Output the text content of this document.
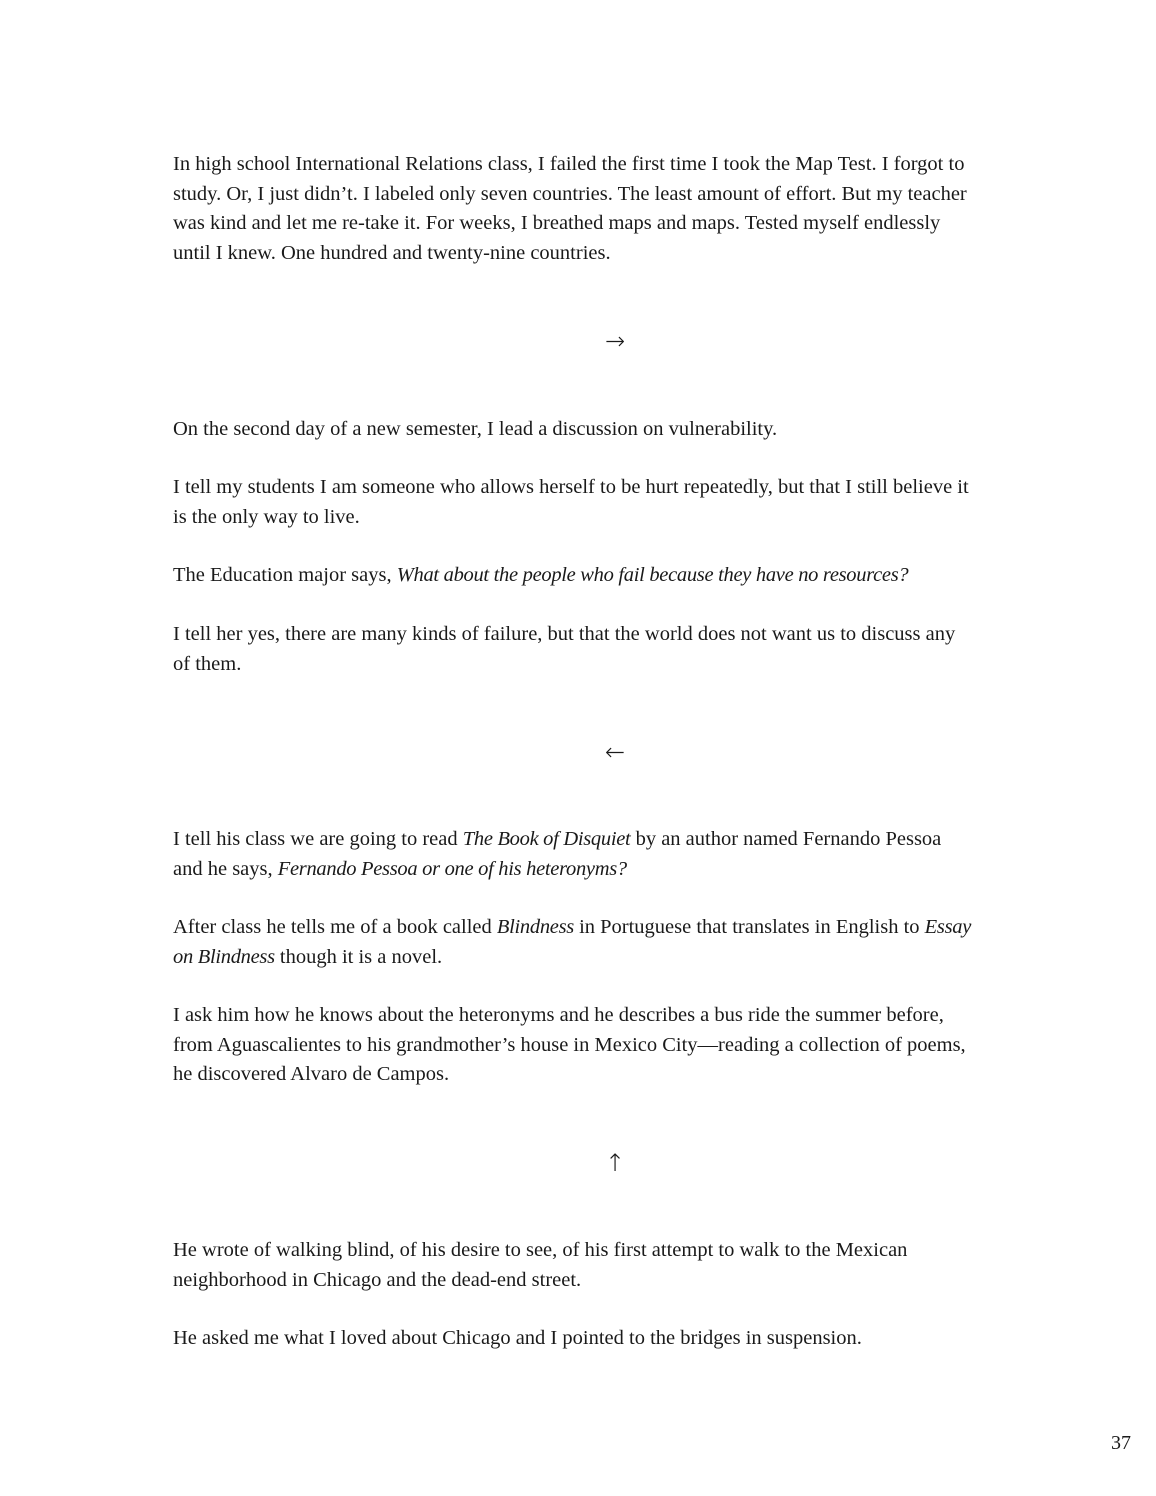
In high school International Relations class, I failed the first time I took the Map Test. I forgot to study. Or, I just didn’t. I labeled only seven countries. The least amount of effort. But my teacher was kind and let me re-take it. For weeks, I breathed maps and maps. Tested myself endlessly until I knew. One hundred and twenty-nine countries.

→

On the second day of a new semester, I lead a discussion on vulnerability.

I tell my students I am someone who allows herself to be hurt repeatedly, but that I still believe it is the only way to live.

The Education major says, What about the people who fail because they have no resources?

I tell her yes, there are many kinds of failure, but that the world does not want us to discuss any of them.

←

I tell his class we are going to read The Book of Disquiet by an author named Fernando Pessoa and he says, Fernando Pessoa or one of his heteronyms?

After class he tells me of a book called Blindness in Portuguese that translates in English to Essay on Blindness though it is a novel.

I ask him how he knows about the heteronyms and he describes a bus ride the summer before, from Aguascalientes to his grandmother’s house in Mexico City—reading a collection of poems, he discovered Alvaro de Campos.

↑

He wrote of walking blind, of his desire to see, of his first attempt to walk to the Mexican neighborhood in Chicago and the dead-end street.

He asked me what I loved about Chicago and I pointed to the bridges in suspension.

37
